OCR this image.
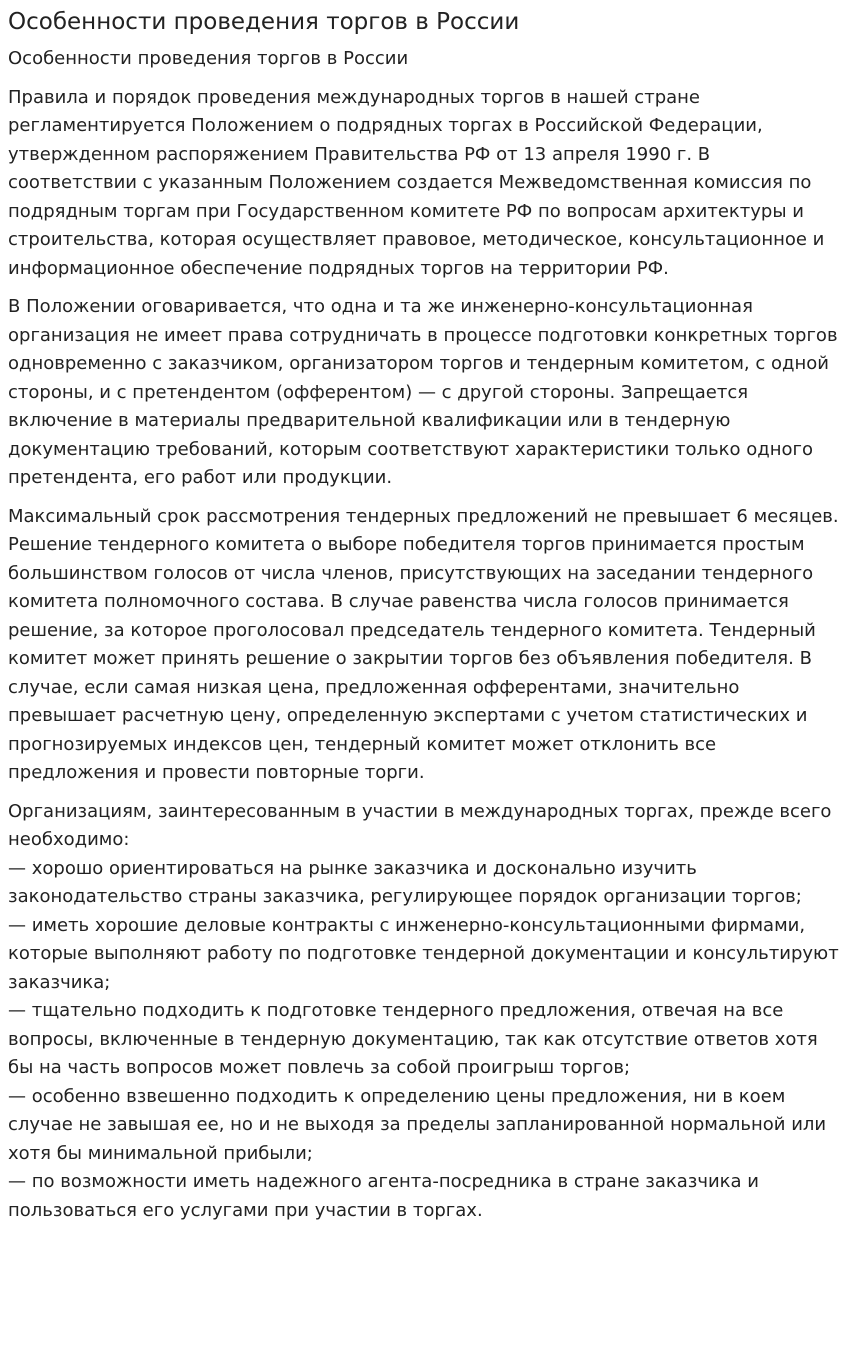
Особенности проведения торгов в России
Особенности проведения торгов в России

Правила и порядок проведения международных торгов в нашей стране регламентируется Положением о подрядных торгах в Российской Федерации, утвержденном распоряжением Правительства РФ от 13 апреля 1990 г. В соответствии с указанным Положением создается Межведомственная комиссия по подрядным торгам при Государственном комитете РФ по вопросам архитектуры и строительства, которая осуществляет правовое, методическое, консультационное и информационное обеспечение подрядных торгов на территории РФ.

В Положении оговаривается, что одна и та же инженерно-консультационная организация не имеет права сотрудничать в процессе подготовки конкретных торгов одновременно с заказчиком, организатором торгов и тендерным комитетом, с одной стороны, и с претендентом (офферентом) — с другой стороны. Запрещается включение в материалы предварительной квалификации или в тендерную документацию требований, которым соответствуют характеристики только одного претендента, его работ или продукции.

Максимальный срок рассмотрения тендерных предложений не превышает 6 месяцев. Решение тендерного комитета о выборе победителя торгов принимается простым большинством голосов от числа членов, присутствующих на заседании тендерного комитета полномочного состава. В случае равенства числа голосов принимается решение, за которое проголосовал председатель тендерного комитета. Тендерный комитет может принять решение о закрытии торгов без объявления победителя. В случае, если самая низкая цена, предложенная офферентами, значительно превышает расчетную цену, определенную экспертами с учетом статистических и прогнозируемых индексов цен, тендерный комитет может отклонить все предложения и провести повторные торги.

Организациям, заинтересованным в участии в международных торгах, прежде всего необходимо:
— хорошо ориентироваться на рынке заказчика и досконально изучить законодательство страны заказчика, регулирующее порядок организации торгов;
— иметь хорошие деловые контракты с инженерно-консультационными фирмами, которые выполняют работу по подготовке тендерной документации и консультируют заказчика;
— тщательно подходить к подготовке тендерного предложения, отвечая на все вопросы, включенные в тендерную документацию, так как отсутствие ответов хотя бы на часть вопросов может повлечь за собой проигрыш торгов;
— особенно взвешенно подходить к определению цены предложения, ни в коем случае не завышая ее, но и не выходя за пределы запланированной нормальной или хотя бы минимальной прибыли;
— по возможности иметь надежного агента-посредника в стране заказчика и пользоваться его услугами при участии в торгах.
